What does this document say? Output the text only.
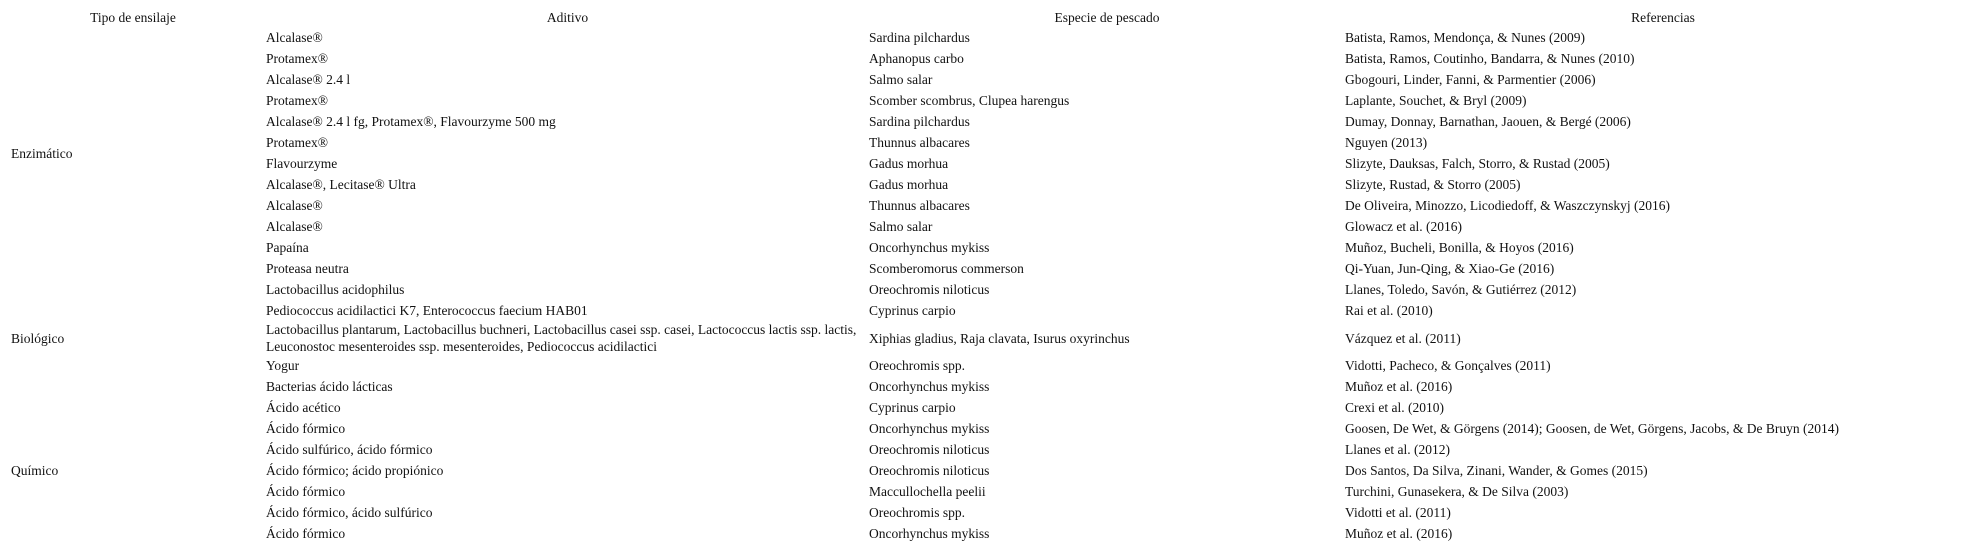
Tipo de ensilaje	Aditivo	Especie de pescado	Referencias
Enzimático	Alcalase®	Sardina pilchardus	Batista, Ramos, Mendonça, & Nunes (2009)
	Protamex®	Aphanopus carbo	Batista, Ramos, Coutinho, Bandarra, & Nunes (2010)
	Alcalase® 2.4 l	Salmo salar	Gbogouri, Linder, Fanni, & Parmentier (2006)
	Protamex®	Scomber scombrus, Clupea harengus	Laplante, Souchet, & Bryl (2009)
	Alcalase® 2.4 l fg, Protamex®, Flavourzyme 500 mg	Sardina pilchardus	Dumay, Donnay, Barnathan, Jaouen, & Bergé (2006)
	Protamex®	Thunnus albacares	Nguyen (2013)
	Flavourzyme	Gadus morhua	Slizyte, Dauksas, Falch, Storro, & Rustad (2005)
	Alcalase®, Lecitase® Ultra	Gadus morhua	Slizyte, Rustad, & Storro (2005)
	Alcalase®	Thunnus albacares	De Oliveira, Minozzo, Licodiedoff, & Waszczynskyj (2016)
	Alcalase®	Salmo salar	Glowacz et al. (2016)
	Papaína	Oncorhynchus mykiss	Muñoz, Bucheli, Bonilla, & Hoyos (2016)
	Proteasa neutra	Scomberomorus commerson	Qi-Yuan, Jun-Qing, & Xiao-Ge (2016)
Biológico	Lactobacillus acidophilus	Oreochromis niloticus	Llanes, Toledo, Savón, & Gutiérrez (2012)
	Pediococcus acidilactici K7, Enterococcus faecium HAB01	Cyprinus carpio	Rai et al. (2010)
	Lactobacillus plantarum, Lactobacillus buchneri, Lactobacillus casei ssp. casei, Lactococcus lactis ssp. lactis, Leuconostoc mesenteroides ssp. mesenteroides, Pediococcus acidilactici	Xiphias gladius, Raja clavata, Isurus oxyrinchus	Vázquez et al. (2011)
	Yogur	Oreochromis spp.	Vidotti, Pacheco, & Gonçalves (2011)
	Bacterias ácido lácticas	Oncorhynchus mykiss	Muñoz et al. (2016)
Químico	Ácido acético	Cyprinus carpio	Crexi et al. (2010)
	Ácido fórmico	Oncorhynchus mykiss	Goosen, De Wet, & Görgens (2014); Goosen, de Wet, Görgens, Jacobs, & De Bruyn (2014)
	Ácido sulfúrico, ácido fórmico	Oreochromis niloticus	Llanes et al. (2012)
	Ácido fórmico; ácido propiónico	Oreochromis niloticus	Dos Santos, Da Silva, Zinani, Wander, & Gomes (2015)
	Ácido fórmico	Maccullochella peelii	Turchini, Gunasekera, & De Silva (2003)
	Ácido fórmico, ácido sulfúrico	Oreochromis spp.	Vidotti et al. (2011)
	Ácido fórmico	Oncorhynchus mykiss	Muñoz et al. (2016)
